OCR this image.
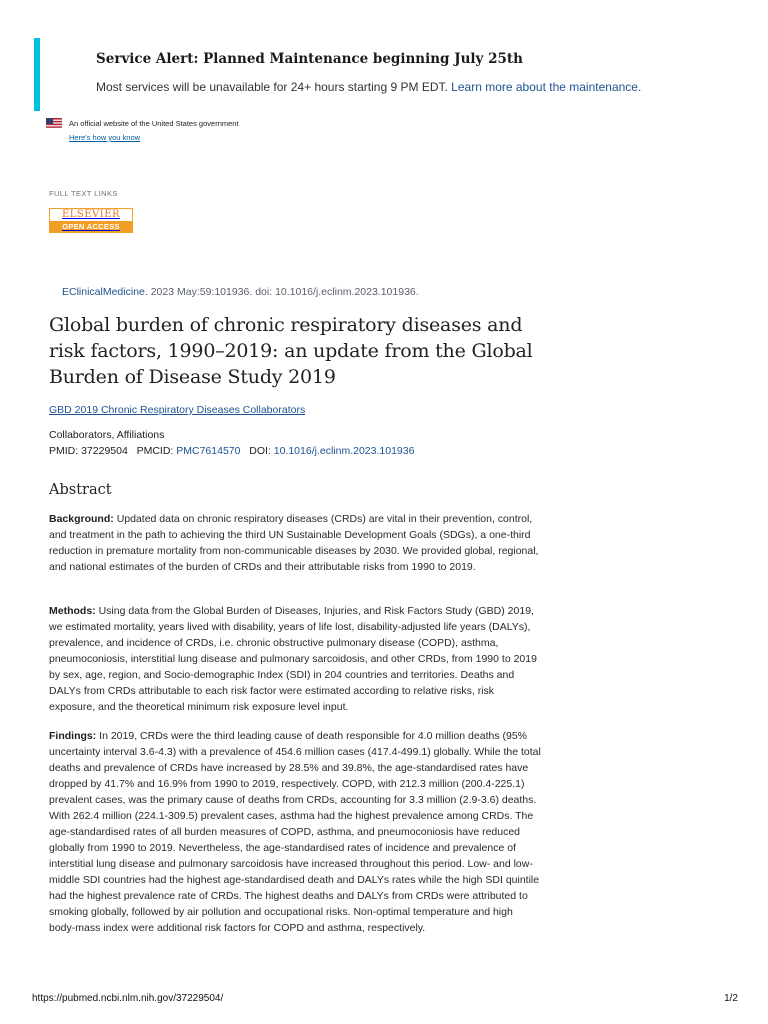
Service Alert: Planned Maintenance beginning July 25th
Most services will be unavailable for 24+ hours starting 9 PM EDT. Learn more about the maintenance.
An official website of the United States government
Here's how you know
FULL TEXT LINKS
ELSEVIER
OPEN ACCESS
EClinicalMedicine. 2023 May:59:101936. doi: 10.1016/j.eclinm.2023.101936.
Global burden of chronic respiratory diseases and risk factors, 1990–2019: an update from the Global Burden of Disease Study 2019
GBD 2019 Chronic Respiratory Diseases Collaborators
Collaborators, Affiliations
PMID: 37229504 PMCID: PMC7614570 DOI: 10.1016/j.eclinm.2023.101936
Abstract

Background: Updated data on chronic respiratory diseases (CRDs) are vital in their prevention, control, and treatment in the path to achieving the third UN Sustainable Development Goals (SDGs), a one-third reduction in premature mortality from non-communicable diseases by 2030. We provided global, regional, and national estimates of the burden of CRDs and their attributable risks from 1990 to 2019.

Methods: Using data from the Global Burden of Diseases, Injuries, and Risk Factors Study (GBD) 2019, we estimated mortality, years lived with disability, years of life lost, disability-adjusted life years (DALYs), prevalence, and incidence of CRDs, i.e. chronic obstructive pulmonary disease (COPD), asthma, pneumoconiosis, interstitial lung disease and pulmonary sarcoidosis, and other CRDs, from 1990 to 2019 by sex, age, region, and Socio-demographic Index (SDI) in 204 countries and territories. Deaths and DALYs from CRDs attributable to each risk factor were estimated according to relative risks, risk exposure, and the theoretical minimum risk exposure level input.

Findings: In 2019, CRDs were the third leading cause of death responsible for 4.0 million deaths (95% uncertainty interval 3.6-4.3) with a prevalence of 454.6 million cases (417.4-499.1) globally. While the total deaths and prevalence of CRDs have increased by 28.5% and 39.8%, the age-standardised rates have dropped by 41.7% and 16.9% from 1990 to 2019, respectively. COPD, with 212.3 million (200.4-225.1) prevalent cases, was the primary cause of deaths from CRDs, accounting for 3.3 million (2.9-3.6) deaths. With 262.4 million (224.1-309.5) prevalent cases, asthma had the highest prevalence among CRDs. The age-standardised rates of all burden measures of COPD, asthma, and pneumoconiosis have reduced globally from 1990 to 2019. Nevertheless, the age-standardised rates of incidence and prevalence of interstitial lung disease and pulmonary sarcoidosis have increased throughout this period. Low- and low-middle SDI countries had the highest age-standardised death and DALYs rates while the high SDI quintile had the highest prevalence rate of CRDs. The highest deaths and DALYs from CRDs were attributed to smoking globally, followed by air pollution and occupational risks. Non-optimal temperature and high body-mass index were additional risk factors for COPD and asthma, respectively.

https://pubmed.ncbi.nlm.nih.gov/37229504/	1/2
